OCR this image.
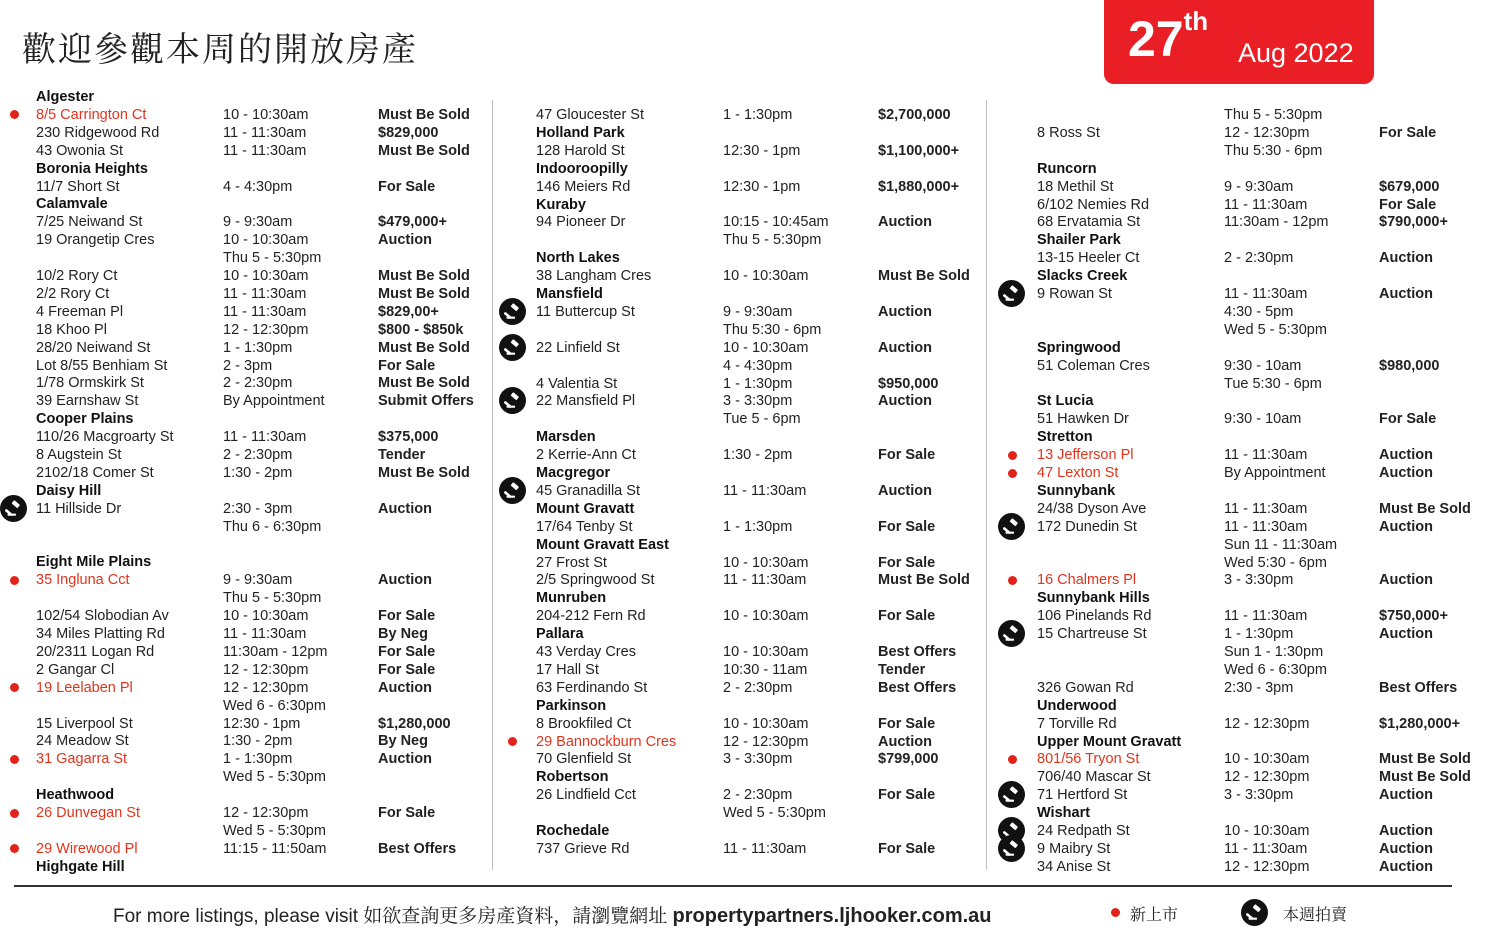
歡迎參觀本周的開放房產	27th
Aug 2022
Algester
8/5 Carrington Ct	10 - 10:30am	Must Be Sold
230 Ridgewood Rd	11 - 11:30am	$829,000
43 Owonia St	11 - 11:30am	Must Be Sold
Boronia Heights
11/7 Short St	4 - 4:30pm	For Sale
Calamvale
7/25 Neiwand St	9 - 9:30am	$479,000+
19 Orangetip Cres	10 - 10:30am	Auction
Thu 5 - 5:30pm
10/2 Rory Ct	10 - 10:30am	Must Be Sold
2/2 Rory Ct	11 - 11:30am	Must Be Sold
4 Freeman Pl	11 - 11:30am	$829,00+
18 Khoo Pl	12 - 12:30pm	$800 - $850k
28/20 Neiwand St	1 - 1:30pm	Must Be Sold
Lot 8/55 Benhiam St	2 - 3pm	For Sale
1/78 Ormskirk St	2 - 2:30pm	Must Be Sold
39 Earnshaw St	By Appointment	Submit Offers
Cooper Plains
110/26 Macgroarty St	11 - 11:30am	$375,000
8 Augstein St	2 - 2:30pm	Tender
2102/18 Comer St	1:30 - 2pm	Must Be Sold
Daisy Hill
11 Hillside Dr	2:30 - 3pm	Auction
Thu 6 - 6:30pm
Eight Mile Plains
35 Ingluna Cct	9 - 9:30am	Auction
Thu 5 - 5:30pm
102/54 Slobodian Av	10 - 10:30am	For Sale
34 Miles Platting Rd	11 - 11:30am	By Neg
20/2311 Logan Rd	11:30am - 12pm	For Sale
2 Gangar Cl	12 - 12:30pm	For Sale
19 Leelaben Pl	12 - 12:30pm	Auction
Wed 6 - 6:30pm
15 Liverpool St	12:30 - 1pm	$1,280,000
24 Meadow St	1:30 - 2pm	By Neg
31 Gagarra St	1 - 1:30pm	Auction
Wed 5 - 5:30pm
Heathwood
26 Dunvegan St	12 - 12:30pm	For Sale
Wed 5 - 5:30pm
29 Wirewood Pl	11:15 - 11:50am	Best Offers
Highgate Hill
47 Gloucester St	1 - 1:30pm	$2,700,000
Holland Park
128 Harold St	12:30 - 1pm	$1,100,000+
Indooroopilly
146 Meiers Rd	12:30 - 1pm	$1,880,000+
Kuraby
94 Pioneer Dr	10:15 - 10:45am	Auction
Thu 5 - 5:30pm
North Lakes
38 Langham Cres	10 - 10:30am	Must Be Sold
Mansfield
11 Buttercup St	9 - 9:30am	Auction
Thu 5:30 - 6pm
22 Linfield St	10 - 10:30am	Auction
4 - 4:30pm
4 Valentia St	1 - 1:30pm	$950,000
22 Mansfield Pl	3 - 3:30pm	Auction
Tue 5 - 6pm
Marsden
2 Kerrie-Ann Ct	1:30 - 2pm	For Sale
Macgregor
45 Granadilla St	11 - 11:30am	Auction
Mount Gravatt
17/64 Tenby St	1 - 1:30pm	For Sale
Mount Gravatt East
27 Frost St	10 - 10:30am	For Sale
2/5 Springwood St	11 - 11:30am	Must Be Sold
Munruben
204-212 Fern Rd	10 - 10:30am	For Sale
Pallara
43 Verday Cres	10 - 10:30am	Best Offers
17 Hall St	10:30 - 11am	Tender
63 Ferdinando St	2 - 2:30pm	Best Offers
Parkinson
8 Brookfiled Ct	10 - 10:30am	For Sale
29 Bannockburn Cres	12 - 12:30pm	Auction
70 Glenfield St	3 - 3:30pm	$799,000
Robertson
26 Lindfield Cct	2 - 2:30pm	For Sale
Wed 5 - 5:30pm
Rochedale
737 Grieve Rd	11 - 11:30am	For Sale
Thu 5 - 5:30pm
8 Ross St	12 - 12:30pm	For Sale
Thu 5:30 - 6pm
Runcorn
18 Methil St	9 - 9:30am	$679,000
6/102 Nemies Rd	11 - 11:30am	For Sale
68 Ervatamia St	11:30am - 12pm	$790,000+
Shailer Park
13-15 Heeler Ct	2 - 2:30pm	Auction
Slacks Creek
9 Rowan St	11 - 11:30am	Auction
4:30 - 5pm
Wed 5 - 5:30pm
Springwood
51 Coleman Cres	9:30 - 10am	$980,000
Tue 5:30 - 6pm
St Lucia
51 Hawken Dr	9:30 - 10am	For Sale
Stretton
13 Jefferson Pl	11 - 11:30am	Auction
47 Lexton St	By Appointment	Auction
Sunnybank
24/38 Dyson Ave	11 - 11:30am	Must Be Sold
172 Dunedin St	11 - 11:30am	Auction
Sun 11 - 11:30am
Wed 5:30 - 6pm
16 Chalmers Pl	3 - 3:30pm	Auction
Sunnybank Hills
106 Pinelands Rd	11 - 11:30am	$750,000+
15 Chartreuse St	1 - 1:30pm	Auction
Sun 1 - 1:30pm
Wed 6 - 6:30pm
326 Gowan Rd	2:30 - 3pm	Best Offers
Underwood
7 Torville Rd	12 - 12:30pm	$1,280,000+
Upper Mount Gravatt
801/56 Tryon St	10 - 10:30am	Must Be Sold
706/40 Mascar St	12 - 12:30pm	Must Be Sold
71 Hertford St	3 - 3:30pm	Auction
Wishart
24 Redpath St	10 - 10:30am	Auction
9 Maibry St	11 - 11:30am	Auction
34 Anise St	12 - 12:30pm	Auction
For more listings, please visit 如欲查詢更多房產資料，請瀏覽網址 propertypartners.ljhooker.com.au	新上市	本週拍賣
